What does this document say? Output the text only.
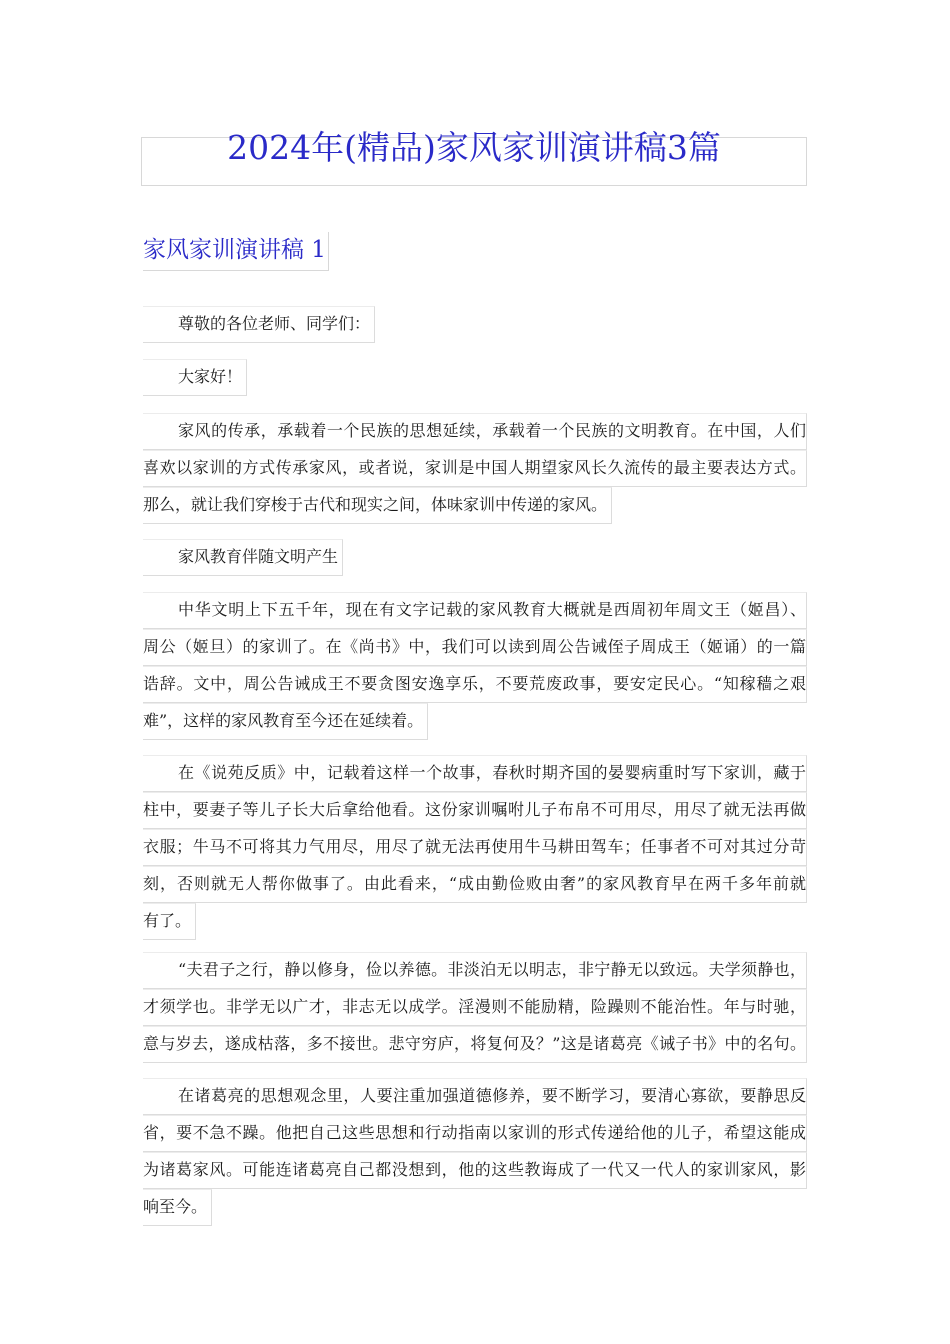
2024年(精品)家风家训演讲稿3篇
家风家训演讲稿 1
尊敬的各位老师、同学们：
大家好！
家风的传承，承载着一个民族的思想延续，承载着一个民族的文明教育。在中国，人们
喜欢以家训的方式传承家风，或者说，家训是中国人期望家风长久流传的最主要表达方式。
那么，就让我们穿梭于古代和现实之间，体味家训中传递的家风。
家风教育伴随文明产生
中华文明上下五千年，现在有文字记载的家风教育大概就是西周初年周文王（姬昌）、
周公（姬旦）的家训了。在《尚书》中，我们可以读到周公告诫侄子周成王（姬诵）的一篇
诰辞。文中，周公告诫成王不要贪图安逸享乐，不要荒废政事，要安定民心。“知稼穑之艰
难”，这样的家风教育至今还在延续着。
在《说苑反质》中，记载着这样一个故事，春秋时期齐国的晏婴病重时写下家训，藏于
柱中，要妻子等儿子长大后拿给他看。这份家训嘱咐儿子布帛不可用尽，用尽了就无法再做
衣服；牛马不可将其力气用尽，用尽了就无法再使用牛马耕田驾车；任事者不可对其过分苛
刻，否则就无人帮你做事了。由此看来，“成由勤俭败由奢”的家风教育早在两千多年前就
有了。
“夫君子之行，静以修身，俭以养德。非淡泊无以明志，非宁静无以致远。夫学须静也，
才须学也。非学无以广才，非志无以成学。淫漫则不能励精，险躁则不能治性。年与时驰，
意与岁去，遂成枯落，多不接世。悲守穷庐，将复何及？”这是诸葛亮《诫子书》中的名句。
在诸葛亮的思想观念里，人要注重加强道德修养，要不断学习，要清心寡欲，要静思反
省，要不急不躁。他把自己这些思想和行动指南以家训的形式传递给他的儿子，希望这能成
为诸葛家风。可能连诸葛亮自己都没想到，他的这些教诲成了一代又一代人的家训家风，影
响至今。
